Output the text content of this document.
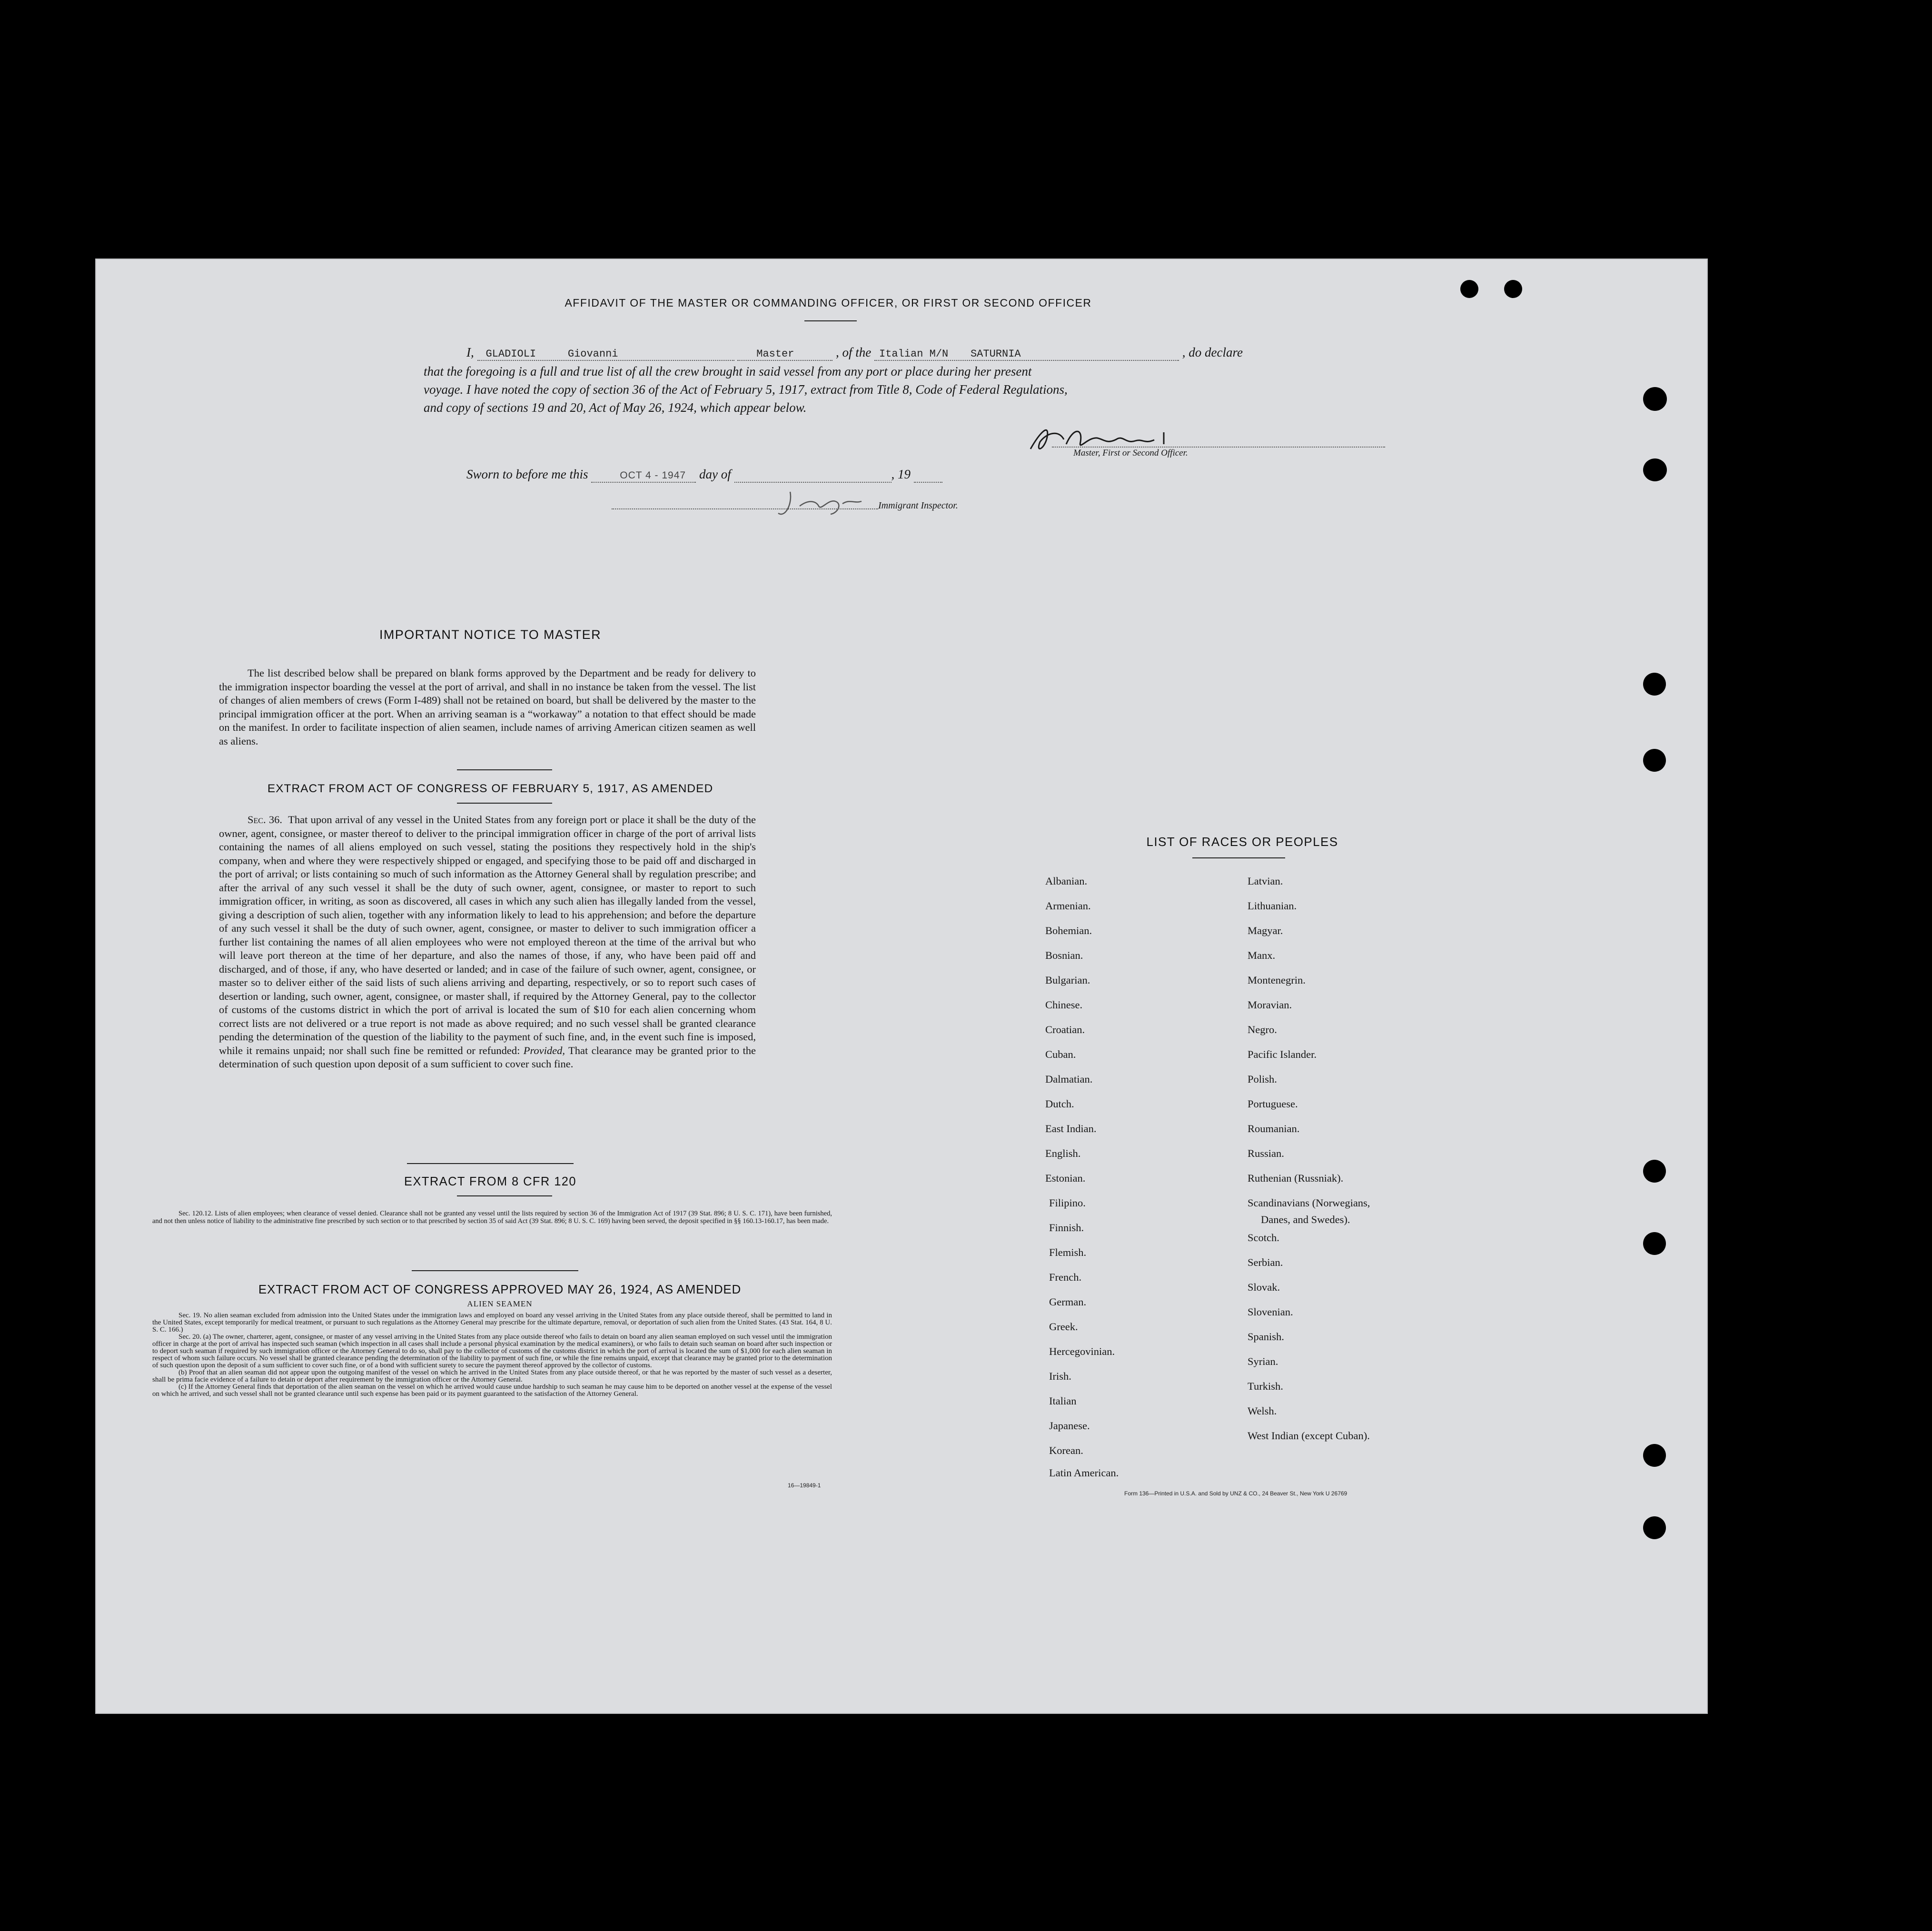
AFFIDAVIT OF THE MASTER OR COMMANDING OFFICER, OR FIRST OR SECOND OFFICER
I, GLADIOLI	Giovanni	Master	, of the Italian M/N SATURNIA	, do declare
that the foregoing is a full and true list of all the crew brought in said vessel from any port or place during her present
voyage. I have noted the copy of section 36 of the Act of February 5, 1917, extract from Title 8, Code of Federal Regulations,
and copy of sections 19 and 20, Act of May 26, 1924, which appear below.
Master, First or Second Officer.
Sworn to before me this	OCT 4 - 1947 day of	, 19
Immigrant Inspector.
IMPORTANT NOTICE TO MASTER
The list described below shall be prepared on blank forms approved by the Department and be ready for delivery to the immigration inspector boarding the vessel at the port of arrival, and shall in no instance be taken from the vessel. The list of changes of alien members of crews (Form I-489) shall not be retained on board, but shall be delivered by the master to the principal immigration officer at the port. When an arriving seaman is a “workaway” a notation to that effect should be made on the manifest. In order to facilitate inspection of alien seamen, include names of arriving American citizen seamen as well as aliens.
EXTRACT FROM ACT OF CONGRESS OF FEBRUARY 5, 1917, AS AMENDED
Sec. 36. That upon arrival of any vessel in the United States from any foreign port or place it shall be the duty of the owner, agent, consignee, or master thereof to deliver to the principal immigration officer in charge of the port of arrival lists containing the names of all aliens employed on such vessel, stating the positions they respectively hold in the ship's company, when and where they were respectively shipped or engaged, and specifying those to be paid off and discharged in the port of arrival; or lists containing so much of such information as the Attorney General shall by regulation prescribe; and after the arrival of any such vessel it shall be the duty of such owner, agent, consignee, or master to report to such immigration officer, in writing, as soon as discovered, all cases in which any such alien has illegally landed from the vessel, giving a description of such alien, together with any information likely to lead to his apprehension; and before the departure of any such vessel it shall be the duty of such owner, agent, consignee, or master to deliver to such immigration officer a further list containing the names of all alien employees who were not employed thereon at the time of the arrival but who will leave port thereon at the time of her departure, and also the names of those, if any, who have been paid off and discharged, and of those, if any, who have deserted or landed; and in case of the failure of such owner, agent, consignee, or master so to deliver either of the said lists of such aliens arriving and departing, respectively, or so to report such cases of desertion or landing, such owner, agent, consignee, or master shall, if required by the Attorney General, pay to the collector of customs of the customs district in which the port of arrival is located the sum of $10 for each alien concerning whom correct lists are not delivered or a true report is not made as above required; and no such vessel shall be granted clearance pending the determination of the question of the liability to the payment of such fine, and, in the event such fine is imposed, while it remains unpaid; nor shall such fine be remitted or refunded: Provided, That clearance may be granted prior to the determination of such question upon deposit of a sum sufficient to cover such fine.
EXTRACT FROM 8 CFR 120
Sec. 120.12. Lists of alien employees; when clearance of vessel denied. Clearance shall not be granted any vessel until the lists required by section 36 of the Immigration Act of 1917 (39 Stat. 896; 8 U. S. C. 171), have been furnished, and not then unless notice of liability to the administrative fine prescribed by such section or to that prescribed by section 35 of said Act (39 Stat. 896; 8 U. S. C. 169) having been served, the deposit specified in §§ 160.13-160.17, has been made.
EXTRACT FROM ACT OF CONGRESS APPROVED MAY 26, 1924, AS AMENDED
ALIEN SEAMEN
Sec. 19. No alien seaman excluded from admission into the United States under the immigration laws and employed on board any vessel arriving in the United States from any place outside thereof, shall be permitted to land in the United States, except temporarily for medical treatment, or pursuant to such regulations as the Attorney General may prescribe for the ultimate departure, removal, or deportation of such alien from the United States. (43 Stat. 164, 8 U. S. C. 166.)
Sec. 20. (a) The owner, charterer, agent, consignee, or master of any vessel arriving in the United States from any place outside thereof who fails to detain on board any alien seaman employed on such vessel until the immigration officer in charge at the port of arrival has inspected such seaman (which inspection in all cases shall include a personal physical examination by the medical examiners), or who fails to detain such seaman on board after such inspection or to deport such seaman if required by such immigration officer or the Attorney General to do so, shall pay to the collector of customs of the customs district in which the port of arrival is located the sum of $1,000 for each alien seaman in respect of whom such failure occurs. No vessel shall be granted clearance pending the determination of the liability to payment of such fine, or while the fine remains unpaid, except that clearance may be granted prior to the determination of such question upon the deposit of a sum sufficient to cover such fine, or of a bond with sufficient surety to secure the payment thereof approved by the collector of customs.
(b) Proof that an alien seaman did not appear upon the outgoing manifest of the vessel on which he arrived in the United States from any place outside thereof, or that he was reported by the master of such vessel as a deserter, shall be prima facie evidence of a failure to detain or deport after requirement by the immigration officer or the Attorney General.
(c) If the Attorney General finds that deportation of the alien seaman on the vessel on which he arrived would cause undue hardship to such seaman he may cause him to be deported on another vessel at the expense of the vessel on which he arrived, and such vessel shall not be granted clearance until such expense has been paid or its payment guaranteed to the satisfaction of the Attorney General.
16—19849-1
LIST OF RACES OR PEOPLES
Albanian.
Armenian.
Bohemian.
Bosnian.
Bulgarian.
Chinese.
Croatian.
Cuban.
Dalmatian.
Dutch.
East Indian.
English.
Estonian.
Filipino.
Finnish.
Flemish.
French.
German.
Greek.
Hercegovinian.
Irish.
Italian
Japanese.
Korean.
Latin American.
Latvian.
Lithuanian.
Magyar.
Manx.
Montenegrin.
Moravian.
Negro.
Pacific Islander.
Polish.
Portuguese.
Roumanian.
Russian.
Ruthenian (Russniak).
Scandinavians (Norwegians,
Danes, and Swedes).
Scotch.
Serbian.
Slovak.
Slovenian.
Spanish.
Syrian.
Turkish.
Welsh.
West Indian (except Cuban).
Form 136—Printed in U.S.A. and Sold by UNZ & CO., 24 Beaver St., New York U 26769
